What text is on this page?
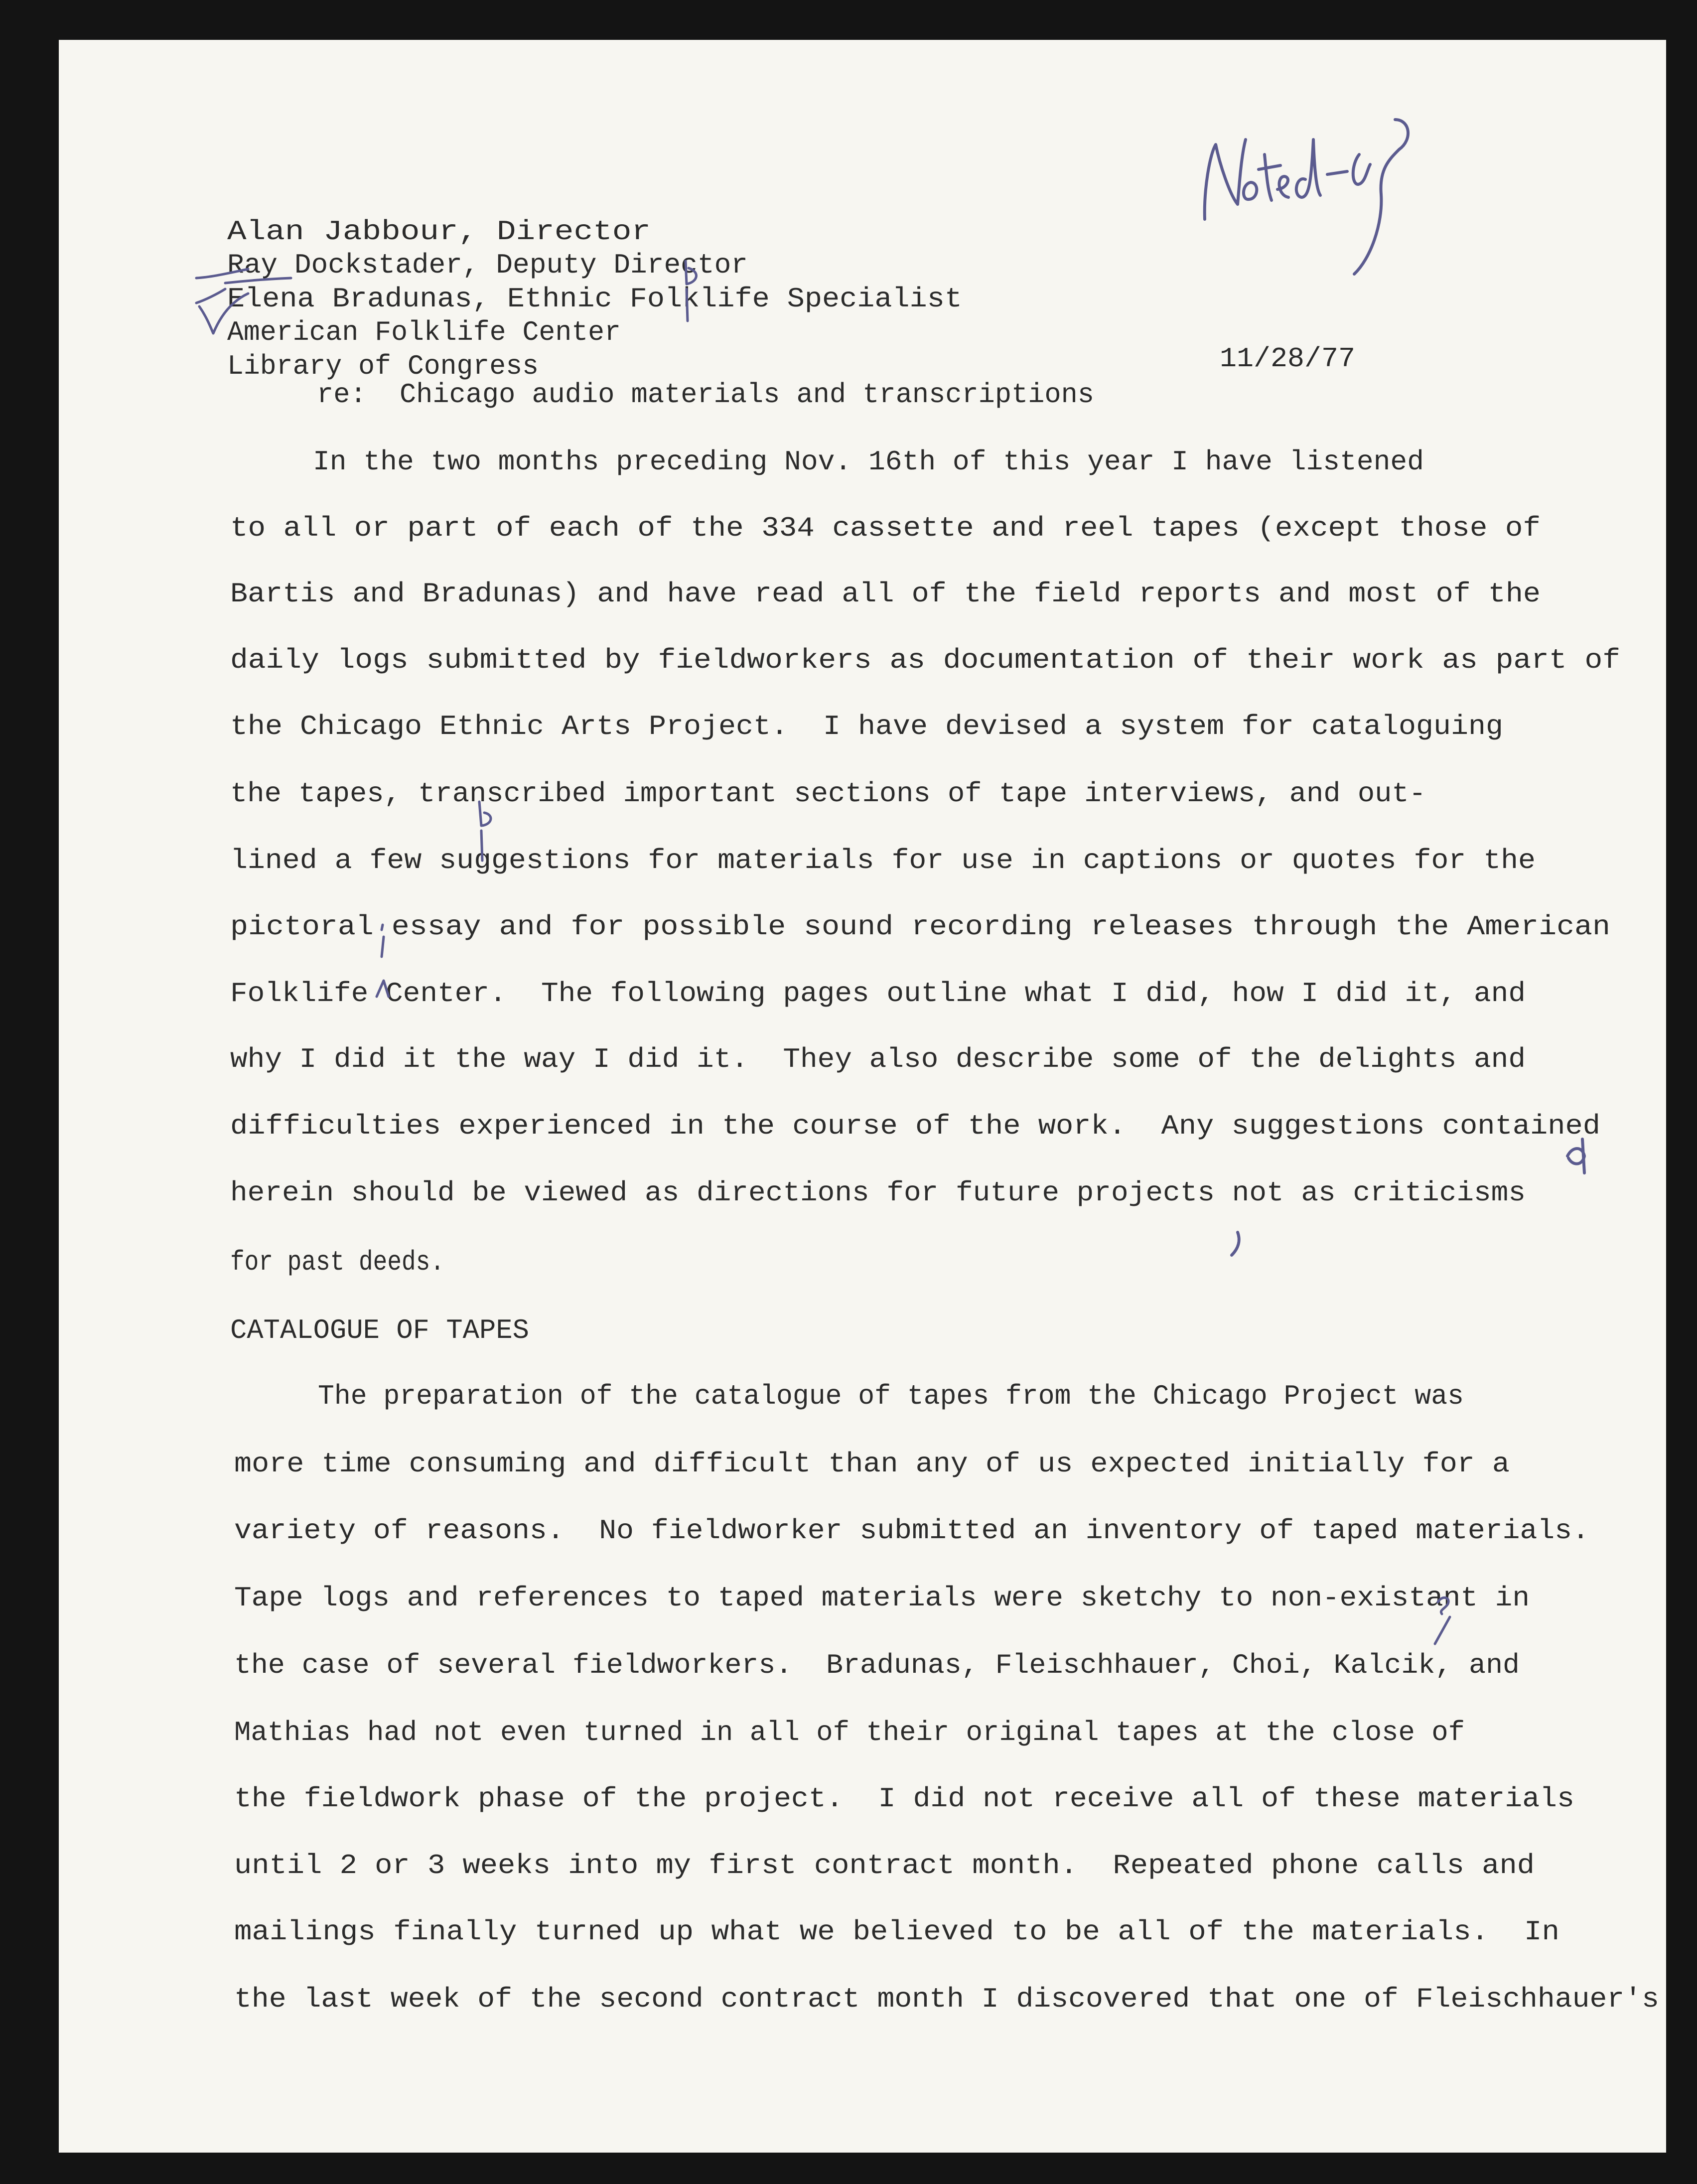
Alan Jabbour, Director

Ray Dockstader, Deputy Director

Elena Bradunas, Ethnic Folklife Specialist

American Folklife Center

Library of Congress	11/28/77

re:  Chicago audio materials and transcriptions

In the two months preceding Nov. 16th of this year I have listened

to all or part of each of the 334 cassette and reel tapes (except those of

Bartis and Bradunas) and have read all of the field reports and most of the

daily logs submitted by fieldworkers as documentation of their work as part of

the Chicago Ethnic Arts Project.  I have devised a system for cataloguing

the tapes, transcribed important sections of tape interviews, and out-

lined a few suggestions for materials for use in captions or quotes for the

pictoral essay and for possible sound recording releases through the American

Folklife Center.  The following pages outline what I did, how I did it, and

why I did it the way I did it.  They also describe some of the delights and

difficulties experienced in the course of the work.  Any suggestions contained

herein should be viewed as directions for future projects not as criticisms

for past deeds.

CATALOGUE OF TAPES

The preparation of the catalogue of tapes from the Chicago Project was

more time consuming and difficult than any of us expected initially for a

variety of reasons.  No fieldworker submitted an inventory of taped materials.

Tape logs and references to taped materials were sketchy to non-existant in

the case of several fieldworkers.  Bradunas, Fleischhauer, Choi, Kalcik, and

Mathias had not even turned in all of their original tapes at the close of

the fieldwork phase of the project.  I did not receive all of these materials

until 2 or 3 weeks into my first contract month.  Repeated phone calls and

mailings finally turned up what we believed to be all of the materials.  In

the last week of the second contract month I discovered that one of Fleischhauer's
